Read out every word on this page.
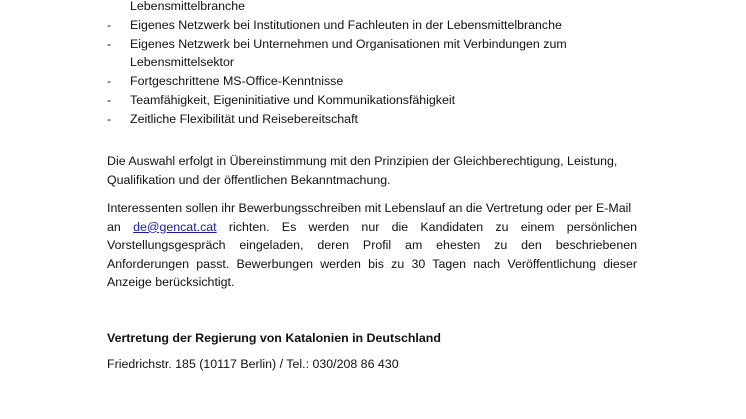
Lebensmittelbranche
- Eigenes Netzwerk bei Institutionen und Fachleuten in der Lebensmittelbranche
- Eigenes Netzwerk bei Unternehmen und Organisationen mit Verbindungen zum
Lebensmittelsektor
- Fortgeschrittene MS-Office-Kenntnisse
- Teamfähigkeit, Eigeninitiative und Kommunikationsfähigkeit
- Zeitliche Flexibilität und Reisebereitschaft

Die Auswahl erfolgt in Übereinstimmung mit den Prinzipien der Gleichberechtigung, Leistung,
Qualifikation und der öffentlichen Bekanntmachung.

Interessenten sollen ihr Bewerbungsschreiben mit Lebenslauf an die Vertretung oder per E-Mail
an de@gencat.cat richten. Es werden nur die Kandidaten zu einem persönlichen
Vorstellungsgespräch eingeladen, deren Profil am ehesten zu den beschriebenen
Anforderungen passt. Bewerbungen werden bis zu 30 Tagen nach Veröffentlichung dieser
Anzeige berücksichtigt.

Vertretung der Regierung von Katalonien in Deutschland
Friedrichstr. 185 (10117 Berlin) / Tel.: 030/208 86 430
